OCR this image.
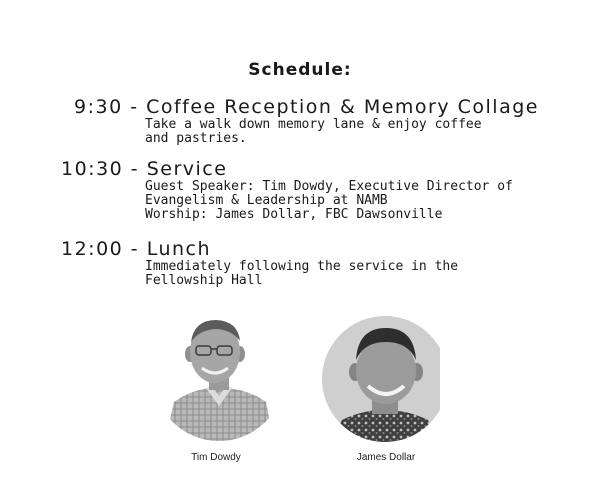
Schedule:
9:30 - Coffee Reception & Memory Collage
Take a walk down memory lane & enjoy coffee
and pastries.
10:30 - Service
Guest Speaker: Tim Dowdy, Executive Director of
Evangelism & Leadership at NAMB
Worship: James Dollar, FBC Dawsonville
12:00 - Lunch
Immediately following the service in the
Fellowship Hall
Tim Dowdy	James Dollar
